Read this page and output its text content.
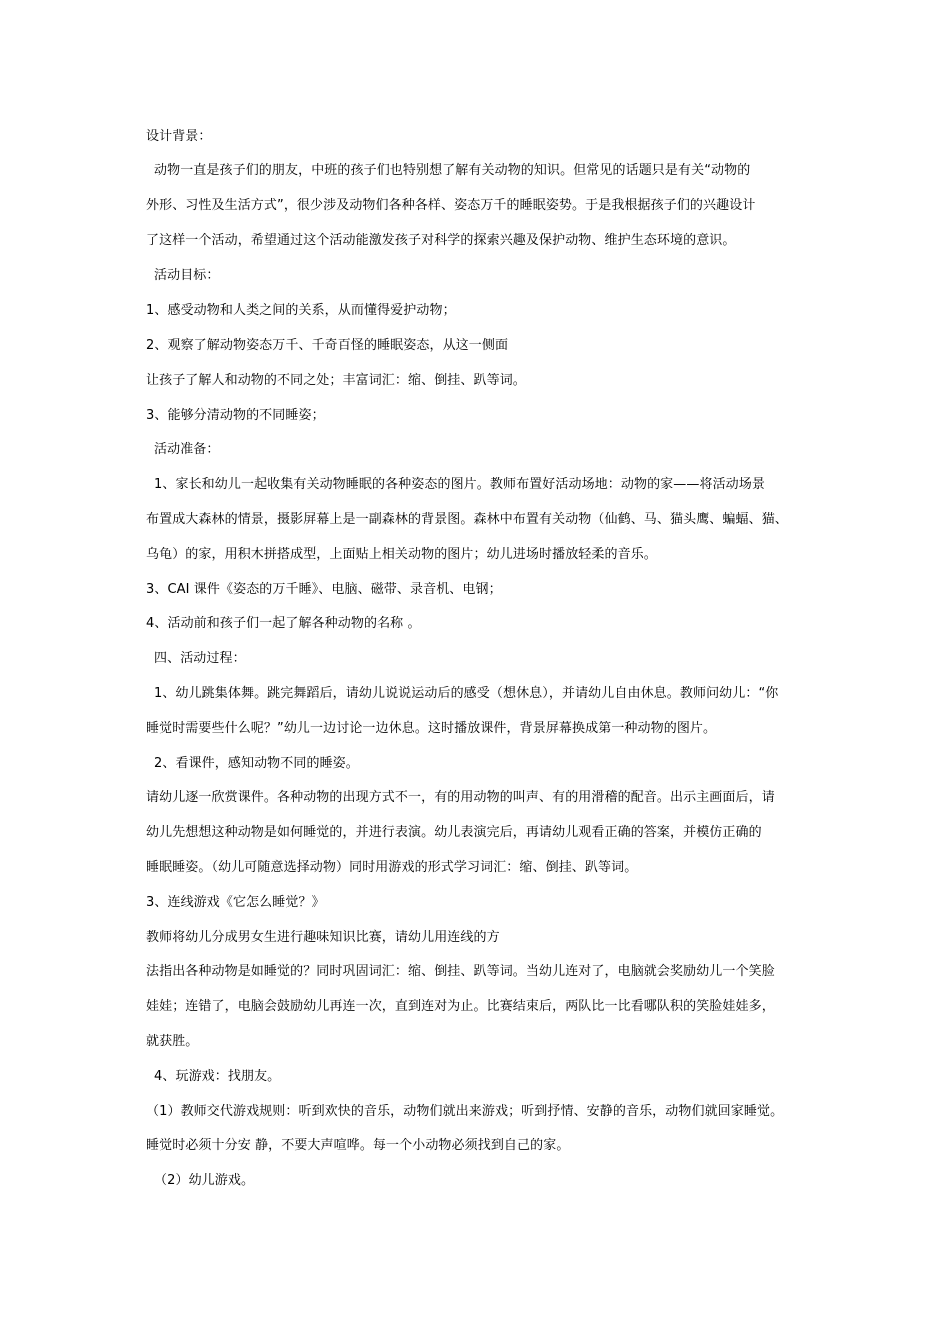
设计背景：
动物一直是孩子们的朋友，中班的孩子们也特别想了解有关动物的知识。但常见的话题只是有关“动物的
外形、习性及生活方式”，很少涉及动物们各种各样、姿态万千的睡眠姿势。于是我根据孩子们的兴趣设计
了这样一个活动，希望通过这个活动能激发孩子对科学的探索兴趣及保护动物、维护生态环境的意识。
活动目标：
1、感受动物和人类之间的关系，从而懂得爱护动物；
2、观察了解动物姿态万千、千奇百怪的睡眠姿态，从这一侧面
让孩子了解人和动物的不同之处；丰富词汇：缩、倒挂、趴等词。
3、能够分清动物的不同睡姿；
活动准备：
1、家长和幼儿一起收集有关动物睡眠的各种姿态的图片。教师布置好活动场地：动物的家——将活动场景
布置成大森林的情景，摄影屏幕上是一副森林的背景图。森林中布置有关动物（仙鹤、马、猫头鹰、蝙蝠、猫、
乌龟）的家，用积木拼搭成型，上面贴上相关动物的图片；幼儿进场时播放轻柔的音乐。
3、CAI 课件《姿态的万千睡》、电脑、磁带、录音机、电钢；
4、活动前和孩子们一起了解各种动物的名称 。
四、活动过程：
1、幼儿跳集体舞。跳完舞蹈后，请幼儿说说运动后的感受（想休息），并请幼儿自由休息。教师问幼儿：“你
睡觉时需要些什么呢？”幼儿一边讨论一边休息。这时播放课件，背景屏幕换成第一种动物的图片。
2、看课件，感知动物不同的睡姿。
请幼儿逐一欣赏课件。各种动物的出现方式不一，有的用动物的叫声、有的用滑稽的配音。出示主画面后，请
幼儿先想想这种动物是如何睡觉的，并进行表演。幼儿表演完后，再请幼儿观看正确的答案，并模仿正确的
睡眠睡姿。（幼儿可随意选择动物）同时用游戏的形式学习词汇：缩、倒挂、趴等词。
3、连线游戏《它怎么睡觉？》
教师将幼儿分成男女生进行趣味知识比赛，请幼儿用连线的方
法指出各种动物是如睡觉的？同时巩固词汇：缩、倒挂、趴等词。当幼儿连对了，电脑就会奖励幼儿一个笑脸
娃娃；连错了，电脑会鼓励幼儿再连一次，直到连对为止。比赛结束后，两队比一比看哪队积的笑脸娃娃多，
就获胜。
4、玩游戏：找朋友。
（1）教师交代游戏规则：听到欢快的音乐，动物们就出来游戏；听到抒情、安静的音乐，动物们就回家睡觉。
睡觉时必须十分安 静，不要大声喧哗。每一个小动物必须找到自己的家。
（2）幼儿游戏。
